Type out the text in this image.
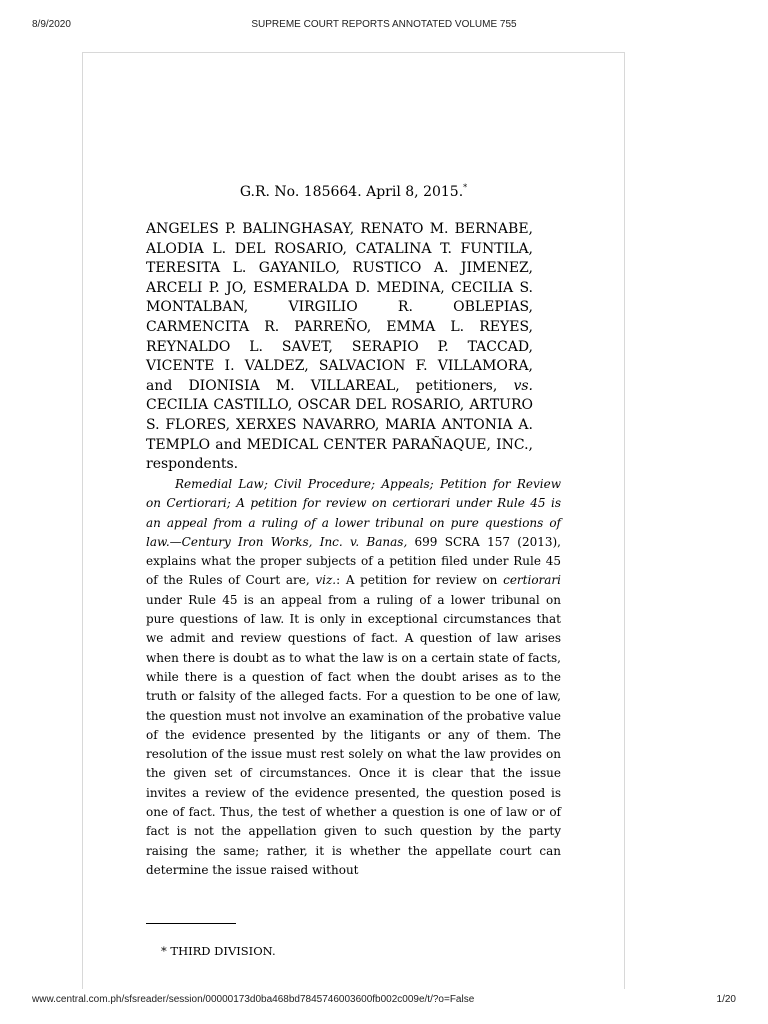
8/9/2020	SUPREME COURT REPORTS ANNOTATED VOLUME 755
G.R. No. 185664. April 8, 2015.*
ANGELES P. BALINGHASAY, RENATO M. BERNABE, ALODIA L. DEL ROSARIO, CATALINA T. FUNTILA, TERESITA L. GAYANILO, RUSTICO A. JIMENEZ, ARCELI P. JO, ESMERALDA D. MEDINA, CECILIA S. MONTALBAN, VIRGILIO R. OBLEPIAS, CARMENCITA R. PARREÑO, EMMA L. REYES, REYNALDO L. SAVET, SERAPIO P. TACCAD, VICENTE I. VALDEZ, SALVACION F. VILLAMORA, and DIONISIA M. VILLAREAL, petitioners, vs. CECILIA CASTILLO, OSCAR DEL ROSARIO, ARTURO S. FLORES, XERXES NAVARRO, MARIA ANTONIA A. TEMPLO and MEDICAL CENTER PARAÑAQUE, INC., respondents.

Remedial Law; Civil Procedure; Appeals; Petition for Review on Certiorari; A petition for review on certiorari under Rule 45 is an appeal from a ruling of a lower tribunal on pure questions of law.—Century Iron Works, Inc. v. Banas, 699 SCRA 157 (2013), explains what the proper subjects of a petition filed under Rule 45 of the Rules of Court are, viz.: A petition for review on certiorari under Rule 45 is an appeal from a ruling of a lower tribunal on pure questions of law. It is only in exceptional circumstances that we admit and review questions of fact. A question of law arises when there is doubt as to what the law is on a certain state of facts, while there is a question of fact when the doubt arises as to the truth or falsity of the alleged facts. For a question to be one of law, the question must not involve an examination of the probative value of the evidence presented by the litigants or any of them. The resolution of the issue must rest solely on what the law provides on the given set of circumstances. Once it is clear that the issue invites a review of the evidence presented, the question posed is one of fact. Thus, the test of whether a question is one of law or of fact is not the appellation given to such question by the party raising the same; rather, it is whether the appellate court can determine the issue raised without

* THIRD DIVISION.
www.central.com.ph/sfsreader/session/00000173d0ba468bd7845746003600fb002c009e/t/?o=False	1/20
